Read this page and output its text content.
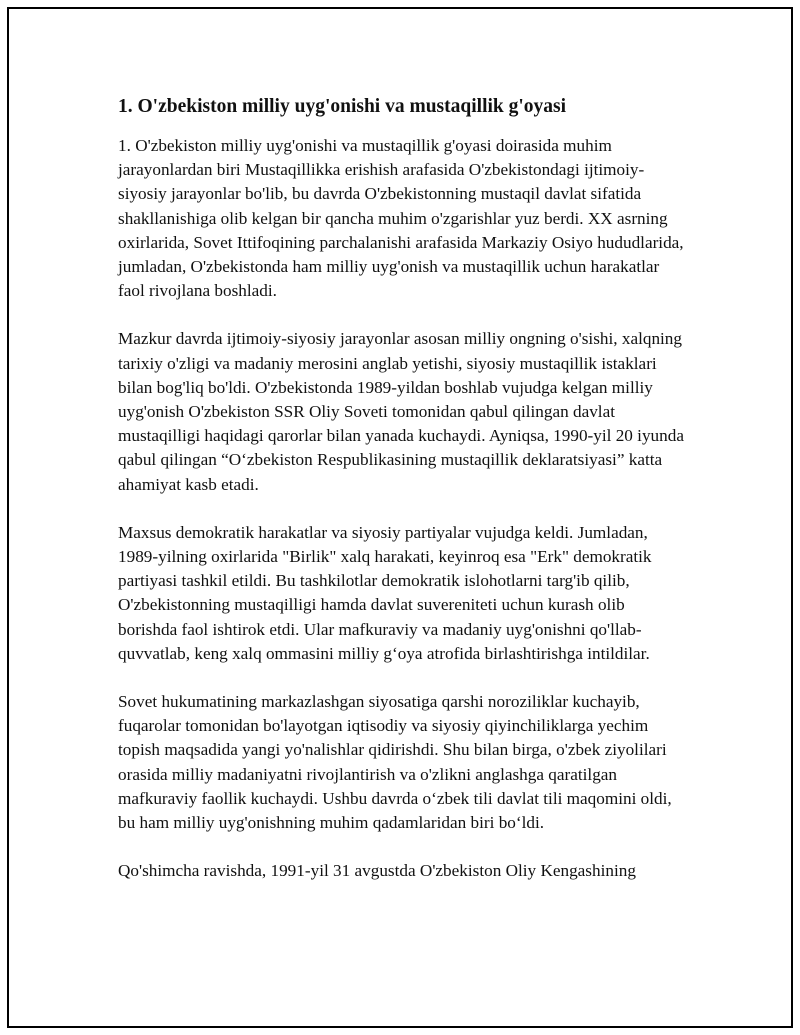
1. O'zbekiston milliy uyg'onishi va mustaqillik g'oyasi

1. O'zbekiston milliy uyg'onishi va mustaqillik g'oyasi doirasida muhim jarayonlardan biri Mustaqillikka erishish arafasida O'zbekistondagi ijtimoiy-siyosiy jarayonlar bo'lib, bu davrda O'zbekistonning mustaqil davlat sifatida shakllanishiga olib kelgan bir qancha muhim o'zgarishlar yuz berdi. XX asrning oxirlarida, Sovet Ittifoqining parchalanishi arafasida Markaziy Osiyo hududlarida, jumladan, O'zbekistonda ham milliy uyg'onish va mustaqillik uchun harakatlar faol rivojlana boshladi.

Mazkur davrda ijtimoiy-siyosiy jarayonlar asosan milliy ongning o'sishi, xalqning tarixiy o'zligi va madaniy merosini anglab yetishi, siyosiy mustaqillik istaklari bilan bog'liq bo'ldi. O'zbekistonda 1989-yildan boshlab vujudga kelgan milliy uyg'onish O'zbekiston SSR Oliy Soveti tomonidan qabul qilingan davlat mustaqilligi haqidagi qarorlar bilan yanada kuchaydi. Ayniqsa, 1990-yil 20 iyunda qabul qilingan “O‘zbekiston Respublikasining mustaqillik deklaratsiyasi” katta ahamiyat kasb etadi.

Maxsus demokratik harakatlar va siyosiy partiyalar vujudga keldi. Jumladan, 1989-yilning oxirlarida "Birlik" xalq harakati, keyinroq esa "Erk" demokratik partiyasi tashkil etildi. Bu tashkilotlar demokratik islohotlarni targ'ib qilib, O'zbekistonning mustaqilligi hamda davlat suvereniteti uchun kurash olib borishda faol ishtirok etdi. Ular mafkuraviy va madaniy uyg'onishni qo'llab-quvvatlab, keng xalq ommasini milliy g‘oya atrofida birlashtirishga intildilar.

Sovet hukumatining markazlashgan siyosatiga qarshi noroziliklar kuchayib, fuqarolar tomonidan bo'layotgan iqtisodiy va siyosiy qiyinchiliklarga yechim topish maqsadida yangi yo'nalishlar qidirishdi. Shu bilan birga, o'zbek ziyolilari orasida milliy madaniyatni rivojlantirish va o'zlikni anglashga qaratilgan mafkuraviy faollik kuchaydi. Ushbu davrda o‘zbek tili davlat tili maqomini oldi, bu ham milliy uyg'onishning muhim qadamlaridan biri bo‘ldi.

Qo'shimcha ravishda, 1991-yil 31 avgustda O'zbekiston Oliy Kengashining
